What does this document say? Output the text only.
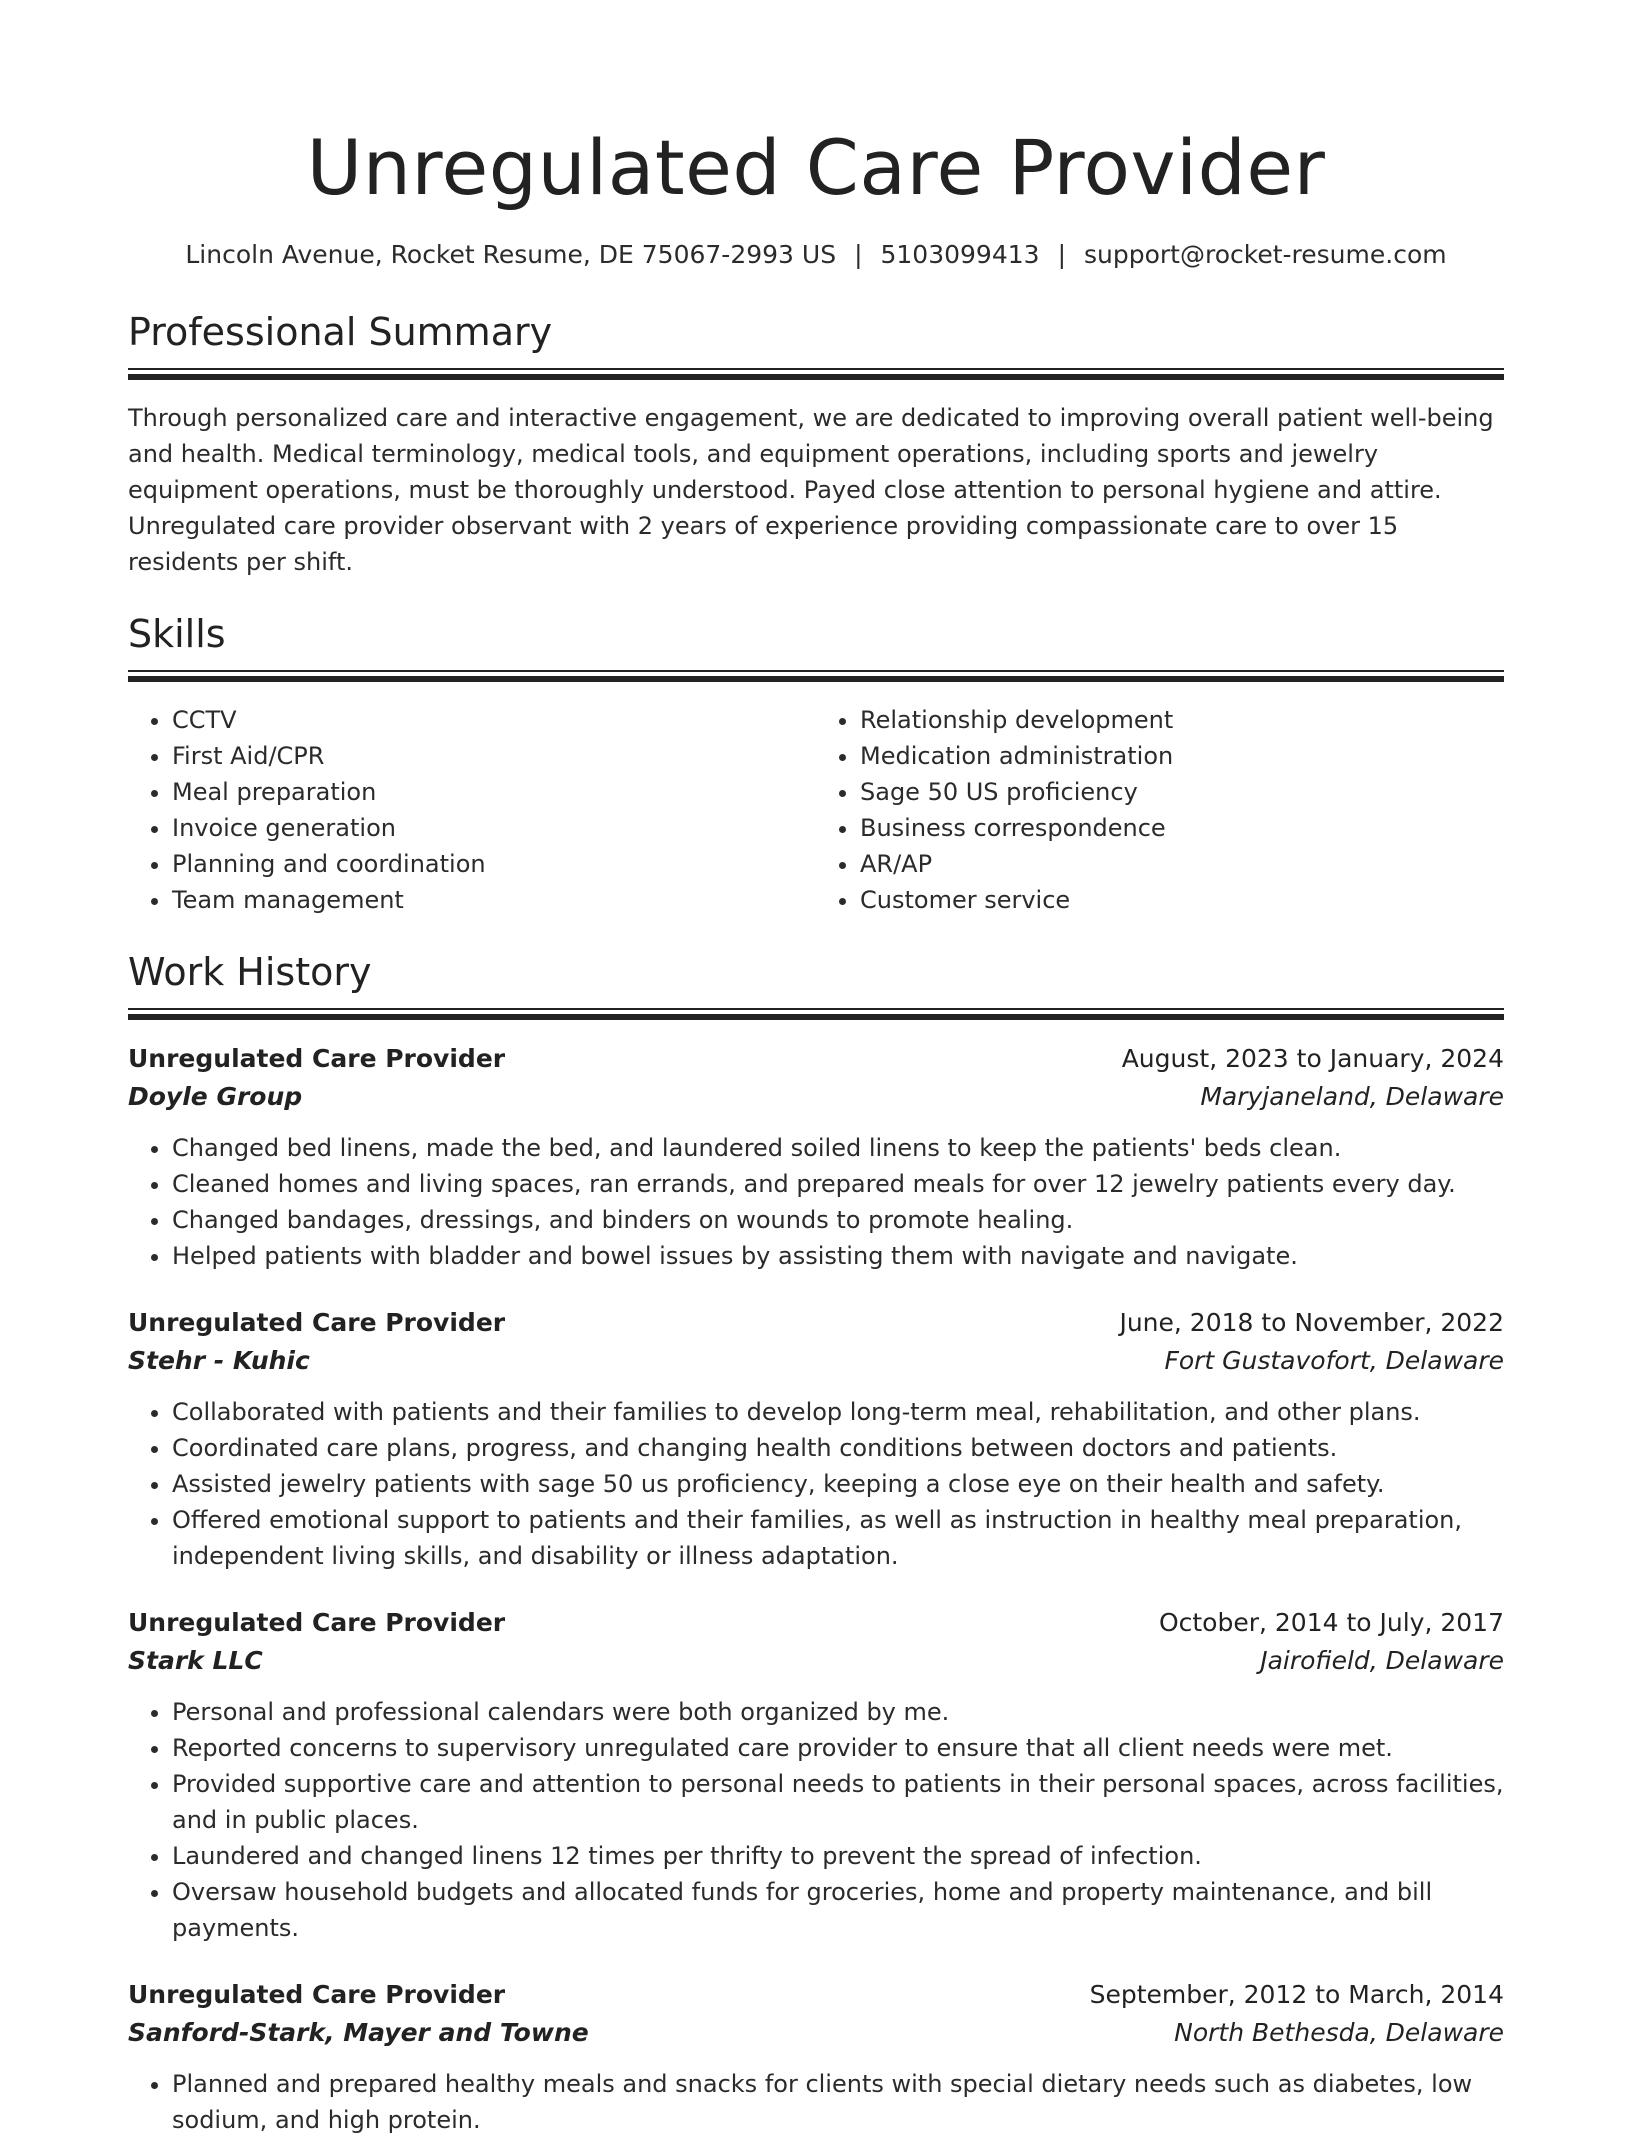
Unregulated Care Provider
Lincoln Avenue, Rocket Resume, DE 75067-2993 US | 5103099413 | support@rocket-resume.com
Professional Summary

Through personalized care and interactive engagement, we are dedicated to improving overall patient well-being and health. Medical terminology, medical tools, and equipment operations, including sports and jewelry equipment operations, must be thoroughly understood. Payed close attention to personal hygiene and attire. Unregulated care provider observant with 2 years of experience providing compassionate care to over 15 residents per shift.

Skills
• CCTV
• First Aid/CPR
• Meal preparation
• Invoice generation
• Planning and coordination
• Team management
• Relationship development
• Medication administration
• Sage 50 US proficiency
• Business correspondence
• AR/AP
• Customer service
Work History
Unregulated Care Provider	August, 2023 to January, 2024
Doyle Group	Maryjaneland, Delaware
• Changed bed linens, made the bed, and laundered soiled linens to keep the patients' beds clean.
• Cleaned homes and living spaces, ran errands, and prepared meals for over 12 jewelry patients every day.
• Changed bandages, dressings, and binders on wounds to promote healing.
• Helped patients with bladder and bowel issues by assisting them with navigate and navigate.
Unregulated Care Provider	June, 2018 to November, 2022
Stehr - Kuhic	Fort Gustavofort, Delaware
• Collaborated with patients and their families to develop long-term meal, rehabilitation, and other plans.
• Coordinated care plans, progress, and changing health conditions between doctors and patients.
• Assisted jewelry patients with sage 50 us proficiency, keeping a close eye on their health and safety.
• Offered emotional support to patients and their families, as well as instruction in healthy meal preparation, independent living skills, and disability or illness adaptation.
Unregulated Care Provider	October, 2014 to July, 2017
Stark LLC	Jairofield, Delaware
• Personal and professional calendars were both organized by me.
• Reported concerns to supervisory unregulated care provider to ensure that all client needs were met.
• Provided supportive care and attention to personal needs to patients in their personal spaces, across facilities, and in public places.
• Laundered and changed linens 12 times per thrifty to prevent the spread of infection.
• Oversaw household budgets and allocated funds for groceries, home and property maintenance, and bill payments.
Unregulated Care Provider	September, 2012 to March, 2014
Sanford-Stark, Mayer and Towne	North Bethesda, Delaware
• Planned and prepared healthy meals and snacks for clients with special dietary needs such as diabetes, low sodium, and high protein.
